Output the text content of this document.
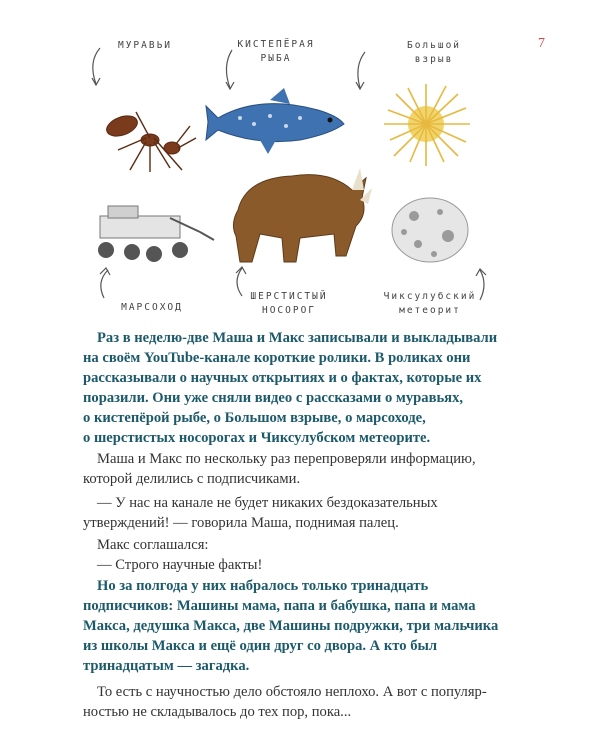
7
МУРАВЬИ	КИСТЕПЁРАЯ
РЫБА
Большой
взрыв
МАРСОХОД
ШЕРСТИСТЫЙ
НОСОРОГ
Чиксулубский
метеорит
Раз в неделю-две Маша и Макс записывали и выкладывали
на своём YouTube-канале короткие ролики. В роликах они
рассказывали о научных открытиях и о фактах, которые их
поразили. Они уже сняли видео с рассказами о муравьях,
о кистепёрой рыбе, о Большом взрыве, о марсоходе,
о шерстистых носорогах и Чиксулубском метеорите.
Маша и Макс по нескольку раз перепроверяли информацию,
которой делились с подписчиками.
— У нас на канале не будет никаких бездоказательных
утверждений! — говорила Маша, поднимая палец.
Макс соглашался:
— Строго научные факты!
Но за полгода у них набралось только тринадцать
подписчиков: Машины мама, папа и бабушка, папа и мама
Макса, дедушка Макса, две Машины подружки, три мальчика
из школы Макса и ещё один друг со двора. А кто был
тринадцатым — загадка.
То есть с научностью дело обстояло неплохо. А вот с популяр-
ностью не складывалось до тех пор, пока...
